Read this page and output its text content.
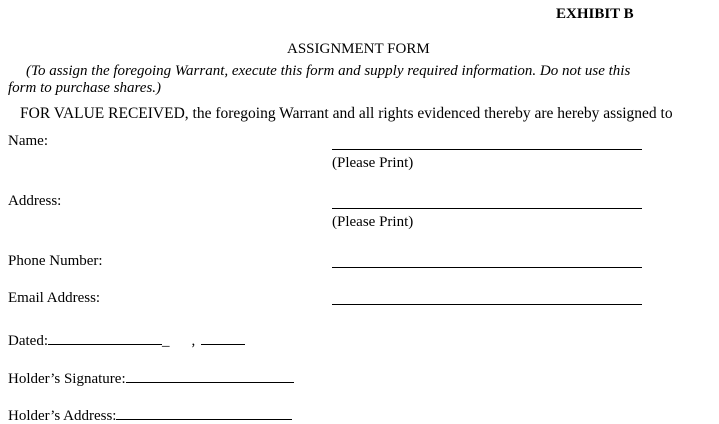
EXHIBIT B
ASSIGNMENT FORM
(To assign the foregoing Warrant, execute this form and supply required information. Do not use this
form to purchase shares.)
FOR VALUE RECEIVED, the foregoing Warrant and all rights evidenced thereby are hereby assigned to
Name:
(Please Print)
Address:
(Please Print)
Phone Number:
Email Address:
Dated:	_ ,
Holder’s Signature:
Holder’s Address:
